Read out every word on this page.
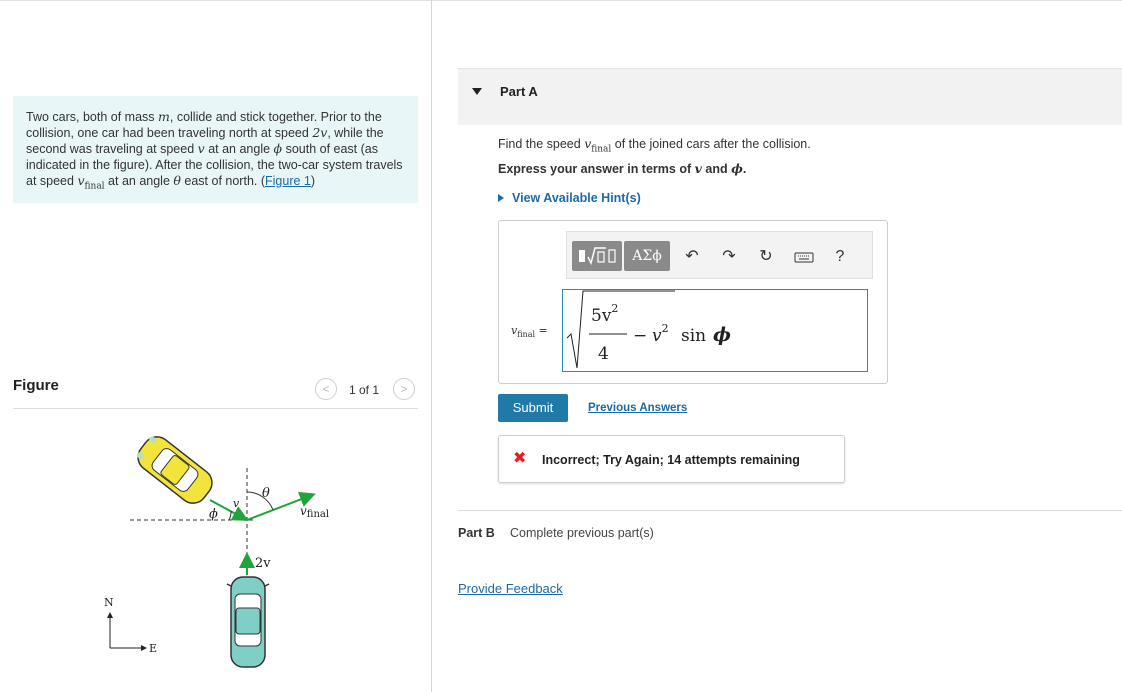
Two cars, both of mass m, collide and stick together. Prior to the collision, one car had been traveling north at speed 2v, while the second was traveling at speed v at an angle ϕ south of east (as indicated in the figure). After the collision, the two-car system travels at speed $v_{final}$ at an angle θ east of north. (Figure 1)
Figure	<	1 of 1	>
ϕ
v
θ
vfinal
2v
N
E
Part A
Find the speed $v_{final}$ of the joined cars after the collision.
Express your answer in terms of v and ϕ.
View Available Hint(s)
ΑΣϕ	↶ ↷ ↻	?
$v_{final}$ =
$5v^2$
4
− $v^2$ sin ϕ
Submit	Previous Answers
✖ Incorrect; Try Again; 14 attempts remaining
Part B Complete previous part(s)
Provide Feedback
